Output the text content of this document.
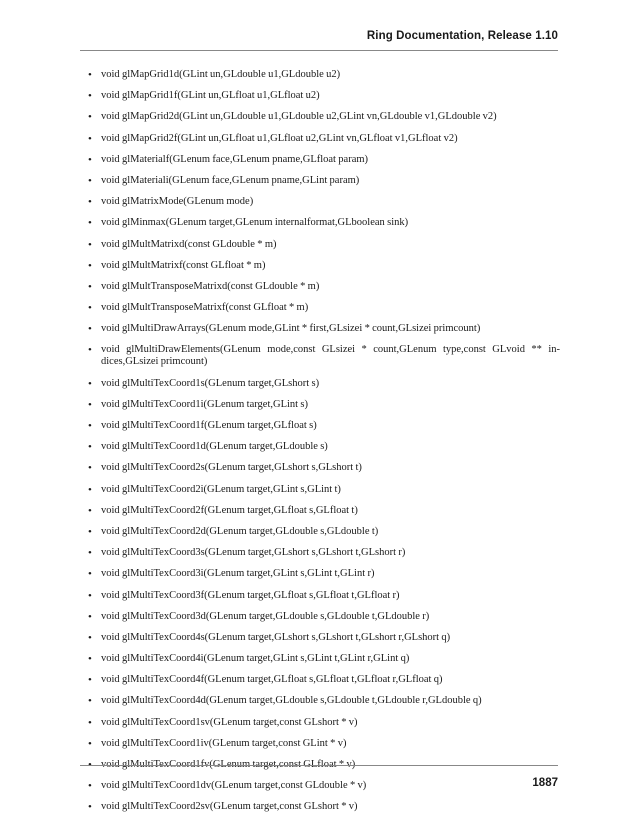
Ring Documentation, Release 1.10
• void glMapGrid1d(GLint un,GLdouble u1,GLdouble u2)
• void glMapGrid1f(GLint un,GLfloat u1,GLfloat u2)
• void glMapGrid2d(GLint un,GLdouble u1,GLdouble u2,GLint vn,GLdouble v1,GLdouble v2)
• void glMapGrid2f(GLint un,GLfloat u1,GLfloat u2,GLint vn,GLfloat v1,GLfloat v2)
• void glMaterialf(GLenum face,GLenum pname,GLfloat param)
• void glMateriali(GLenum face,GLenum pname,GLint param)
• void glMatrixMode(GLenum mode)
• void glMinmax(GLenum target,GLenum internalformat,GLboolean sink)
• void glMultMatrixd(const GLdouble * m)
• void glMultMatrixf(const GLfloat * m)
• void glMultTransposeMatrixd(const GLdouble * m)
• void glMultTransposeMatrixf(const GLfloat * m)
• void glMultiDrawArrays(GLenum mode,GLint * first,GLsizei * count,GLsizei primcount)
• void glMultiDrawElements(GLenum mode,const GLsizei * count,GLenum type,const GLvoid ** in- dices,GLsizei primcount)
• void glMultiTexCoord1s(GLenum target,GLshort s)
• void glMultiTexCoord1i(GLenum target,GLint s)
• void glMultiTexCoord1f(GLenum target,GLfloat s)
• void glMultiTexCoord1d(GLenum target,GLdouble s)
• void glMultiTexCoord2s(GLenum target,GLshort s,GLshort t)
• void glMultiTexCoord2i(GLenum target,GLint s,GLint t)
• void glMultiTexCoord2f(GLenum target,GLfloat s,GLfloat t)
• void glMultiTexCoord2d(GLenum target,GLdouble s,GLdouble t)
• void glMultiTexCoord3s(GLenum target,GLshort s,GLshort t,GLshort r)
• void glMultiTexCoord3i(GLenum target,GLint s,GLint t,GLint r)
• void glMultiTexCoord3f(GLenum target,GLfloat s,GLfloat t,GLfloat r)
• void glMultiTexCoord3d(GLenum target,GLdouble s,GLdouble t,GLdouble r)
• void glMultiTexCoord4s(GLenum target,GLshort s,GLshort t,GLshort r,GLshort q)
• void glMultiTexCoord4i(GLenum target,GLint s,GLint t,GLint r,GLint q)
• void glMultiTexCoord4f(GLenum target,GLfloat s,GLfloat t,GLfloat r,GLfloat q)
• void glMultiTexCoord4d(GLenum target,GLdouble s,GLdouble t,GLdouble r,GLdouble q)
• void glMultiTexCoord1sv(GLenum target,const GLshort * v)
• void glMultiTexCoord1iv(GLenum target,const GLint * v)
• void glMultiTexCoord1fv(GLenum target,const GLfloat * v)
• void glMultiTexCoord1dv(GLenum target,const GLdouble * v)
• void glMultiTexCoord2sv(GLenum target,const GLshort * v)
1887
